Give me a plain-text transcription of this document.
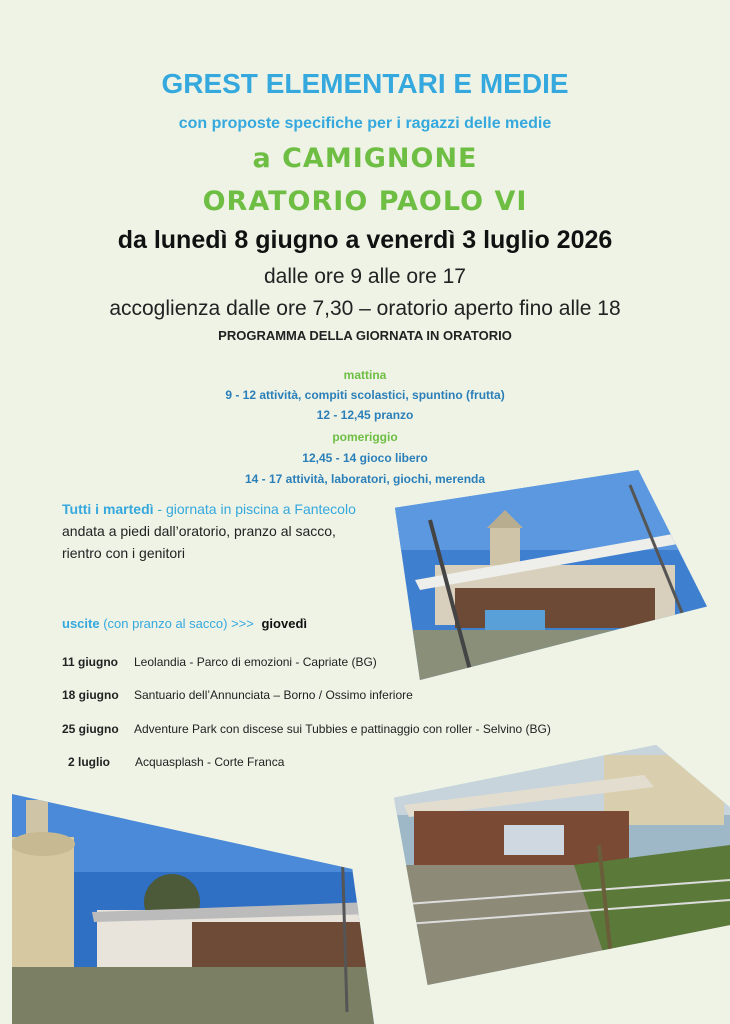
GREST ELEMENTARI E MEDIE

con proposte specifiche per i ragazzi delle medie

a CAMIGNONE

ORATORIO PAOLO VI

da lunedì 8 giugno a venerdì 3 luglio 2026

dalle ore 9 alle ore 17

accoglienza dalle ore 7,30 – oratorio aperto fino alle 18

PROGRAMMA DELLA GIORNATA IN ORATORIO

mattina

9 - 12 attività, compiti scolastici, spuntino (frutta)

12 - 12,45 pranzo

pomeriggio

12,45 - 14 gioco libero

14 - 17 attività, laboratori, giochi, merenda

Tutti i martedì - giornata in piscina a Fantecolo
andata a piedi dall’oratorio, pranzo al sacco,
rientro con i genitori
uscite (con pranzo al sacco) >>> giovedì
11 giugno Leolandia - Parco di emozioni - Capriate (BG)
18 giugno Santuario dell’Annunciata – Borno / Ossimo inferiore
25 giugno Adventure Park con discese sui Tubbies e pattinaggio con roller - Selvino (BG)
2 luglio Acquasplash - Corte Franca
